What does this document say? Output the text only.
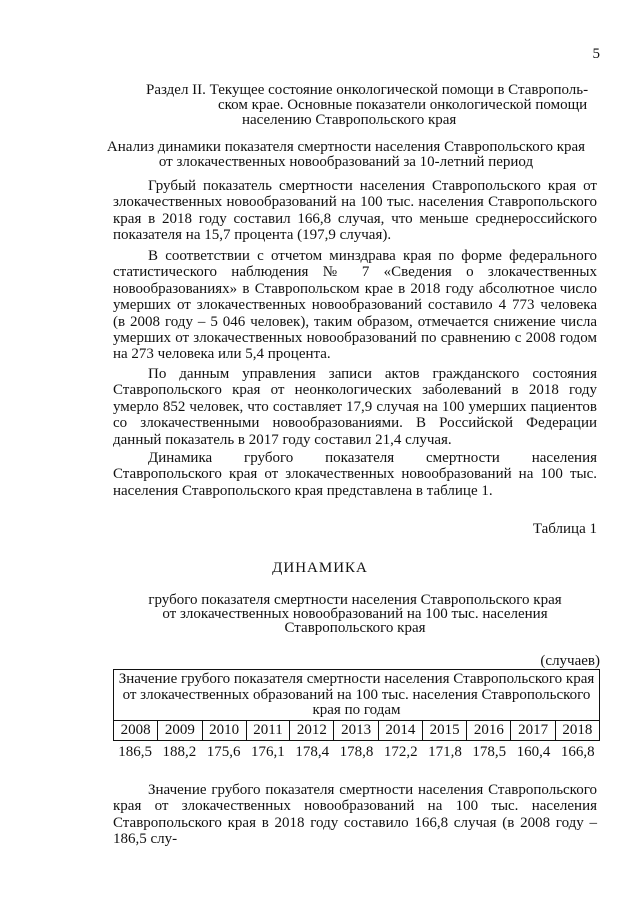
5
Раздел II. Текущее состояние онкологической помощи в Ставрополь-
ском крае. Основные показатели онкологической помощи
населению Ставропольского края
Анализ динамики показателя смертности населения Ставропольского края
от злокачественных новообразований за 10-летний период

Грубый показатель смертности населения Ставропольского края от злокачественных новообразований на 100 тыс. населения Ставропольского края в 2018 году составил 166,8 случая, что меньше среднероссийского показателя на 15,7 процента (197,9 случая).

В соответствии с отчетом минздрава края по форме федерального статистического наблюдения № 7 «Сведения о злокачественных новообразованиях» в Ставропольском крае в 2018 году абсолютное число умерших от злокачественных новообразований составило 4 773 человека (в 2008 году – 5 046 человек), таким образом, отмечается снижение числа умерших от злокачественных новообразований по сравнению с 2008 годом на 273 человека или 5,4 процента.

По данным управления записи актов гражданского состояния Ставропольского края от неонкологических заболеваний в 2018 году умерло 852 человек, что составляет 17,9 случая на 100 умерших пациентов со злокачественными новообразованиями. В Российской Федерации данный показатель в 2017 году составил 21,4 случая.

Динамика грубого показателя смертности населения Ставропольского края от злокачественных новообразований на 100 тыс. населения Ставропольского края представлена в таблице 1.

Таблица 1
ДИНАМИКА
грубого показателя смертности населения Ставропольского края
от злокачественных новообразований на 100 тыс. населения
Ставропольского края
(случаев)
Значение грубого показателя смертности населения Ставропольского края от злокачественных образований на 100 тыс. населения Ставропольского края по годам
2008	2009	2010	2011	2012	2013	2014	2015	2016	2017	2018
186,5 188,2 175,6 176,1 178,4 178,8 172,2 171,8 178,5 160,4 166,8

Значение грубого показателя смертности населения Ставропольского края от злокачественных новообразований на 100 тыс. населения Ставропольского края в 2018 году составило 166,8 случая (в 2008 году – 186,5 слу-
